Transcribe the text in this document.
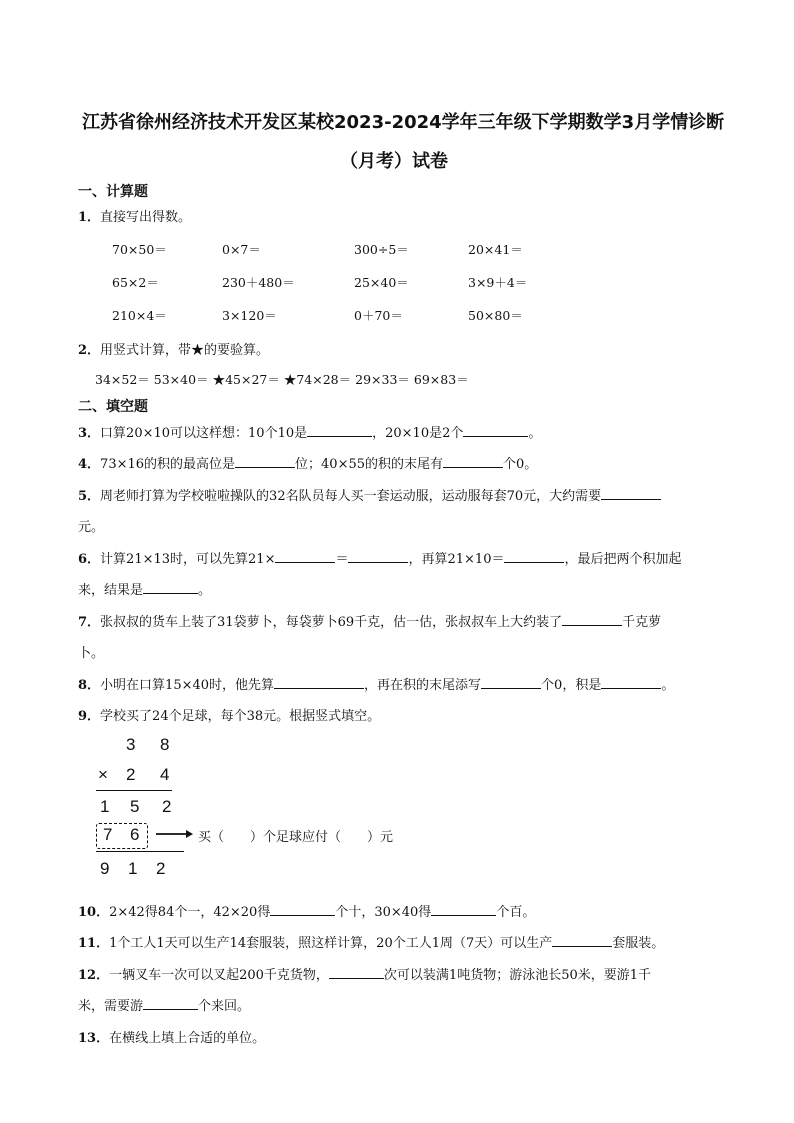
江苏省徐州经济技术开发区某校2023-2024学年三年级下学期数学3月学情诊断
（月考）试卷
一、计算题
1．直接写出得数。
70×50＝	0×7＝	300÷5＝	20×41＝
65×2＝	230＋480＝	25×40＝	3×9＋4＝
210×4＝	3×120＝	0＋70＝	50×80＝
2．用竖式计算，带★的要验算。
34×52＝ 53×40＝ ★45×27＝ ★74×28＝ 29×33＝ 69×83＝
二、填空题
3．口算20×10可以这样想：10个10是	，20×10是2个	。
4．73×16的积的最高位是	位；40×55的积的末尾有	个0。
5．周老师打算为学校啦啦操队的32名队员每人买一套运动服，运动服每套70元，大约需要
元。
6．计算21×13时，可以先算21×	＝	，再算21×10＝	，最后把两个积加起
来，结果是	。
7．张叔叔的货车上装了31袋萝卜，每袋萝卜69千克，估一估，张叔叔车上大约装了	千克萝
卜。
8．小明在口算15×40时，他先算	，再在积的末尾添写	个0，积是	。
9．学校买了24个足球，每个38元。根据竖式填空。
3 8
× 2 4
1 5 2
7 6	买（　　）个足球应付（　　）元
9 1 2
10．2×42得84个一，42×20得	个十，30×40得	个百。
11．1个工人1天可以生产14套服装，照这样计算，20个工人1周（7天）可以生产	套服装。
12．一辆叉车一次可以叉起200千克货物，	次可以装满1吨货物；游泳池长50米，要游1千
米，需要游	个来回。
13．在横线上填上合适的单位。
